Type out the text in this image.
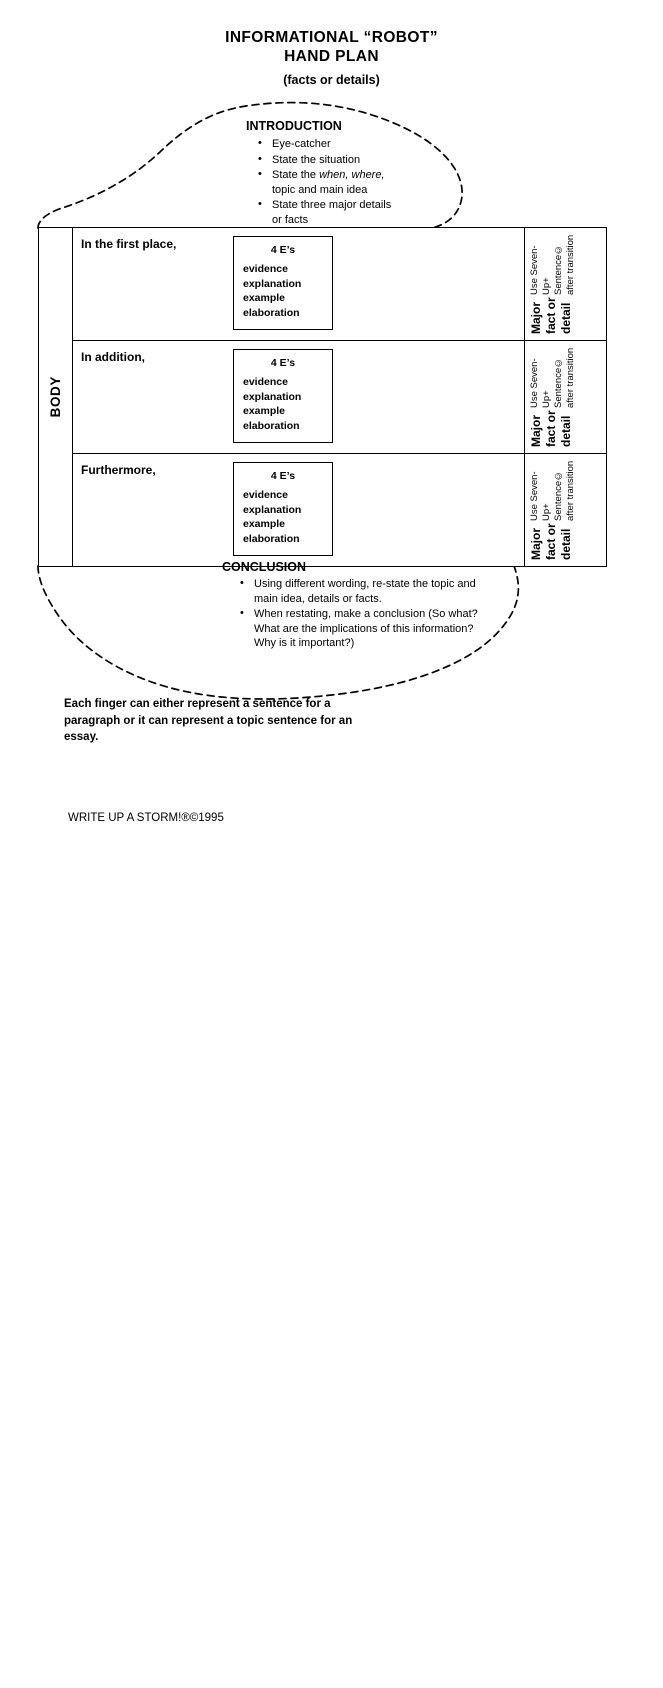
INFORMATIONAL “ROBOT”
HAND PLAN
(facts or details)
INTRODUCTION
• Eye-catcher
• State the situation
• State the when, where,
topic and main idea
• State three major details
or facts
BODY
In the first place,	4 E’s
evidence
explanation
example
elaboration	Major fact or detail
Use Seven-Up+ Sentence© after transition
In addition,	4 E’s
evidence
explanation
example
elaboration	Major fact or detail
Use Seven-Up+ Sentence© after transition
Furthermore,	4 E’s
evidence
explanation
example
elaboration	Major fact or detail
Use Seven-Up+ Sentence© after transition
CONCLUSION
• Using different wording, re-state the topic and main idea, details or facts.
• When restating, make a conclusion (So what? What are the implications of this information? Why is it important?)
Each finger can either represent a sentence for a paragraph or it can represent a topic sentence for an essay.
WRITE UP A STORM!®©1995
